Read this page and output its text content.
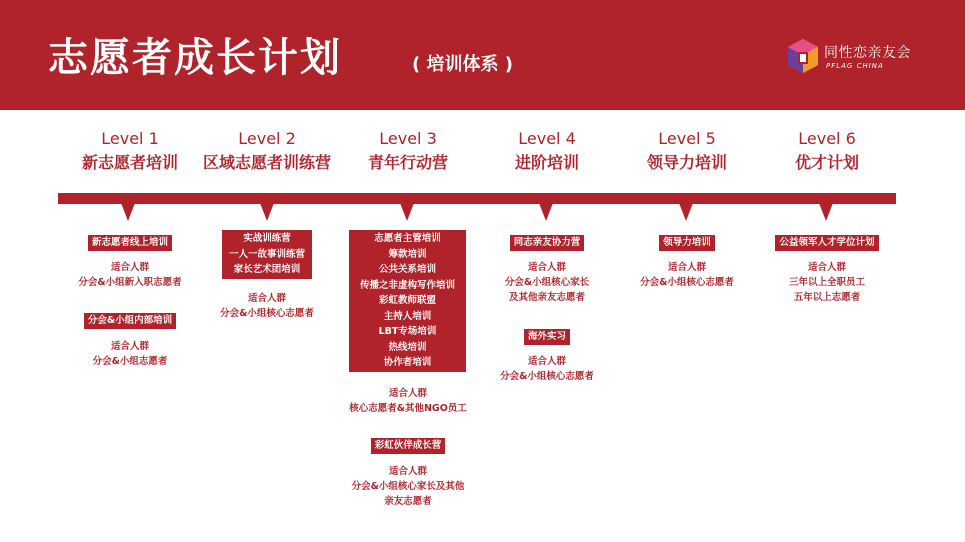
志愿者成长计划	( 培训体系 )
同性恋亲友会
PFLAG CHINA
Level 1
新志愿者培训
Level 2
区域志愿者训练营
Level 3
青年行动营
Level 4
进阶培训
Level 5
领导力培训
Level 6
优才计划
新志愿者线上培训
适合人群
分会&小组新入职志愿者
分会&小组内部培训
适合人群
分会&小组志愿者
实战训练营
一人一故事训练营
家长艺术团培训
适合人群
分会&小组核心志愿者
志愿者主管培训
筹款培训
公共关系培训
传播之非虚构写作培训
彩虹教师联盟
主持人培训
LBT专场培训
热线培训
协作者培训
适合人群
核心志愿者&其他NGO员工
彩虹伙伴成长营
适合人群
分会&小组核心家长及其他
亲友志愿者
同志亲友协力营
适合人群
分会&小组核心家长
及其他亲友志愿者
海外实习
适合人群
分会&小组核心志愿者
领导力培训
适合人群
分会&小组核心志愿者
公益领军人才学位计划
适合人群
三年以上全职员工
五年以上志愿者
